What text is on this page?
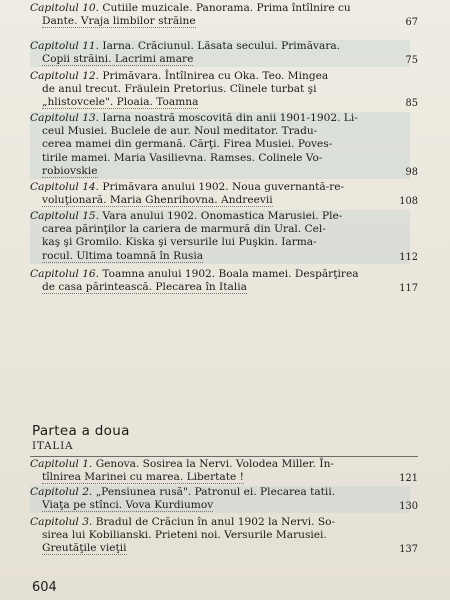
Capitolul 10. Cutiile muzicale. Panorama. Prima întîlnire cu
Dante. Vraja limbilor străine	67
Capitolul 11. Iarna. Crăciunul. Lăsata secului. Primăvara.
Copii străini. Lacrimi amare	75
Capitolul 12. Primăvara. Întîlnirea cu Oka. Teo. Mingea
de anul trecut. Fräulein Pretorius. Cîinele turbat şi
„hlistovcele". Ploaia. Toamna	85
Capitolul 13. Iarna noastră moscovită din anii 1901-1902. Li-
ceul Musiei. Buclele de aur. Noul meditator. Tradu-
cerea mamei din germană. Cărţi. Firea Musiei. Poves-
tirile mamei. Maria Vasilievna. Ramses. Colinele Vo-
robiovskie	98
Capitolul 14. Primăvara anului 1902. Noua guvernantă-re-
voluţionară. Maria Ghenrihovna. Andreevii	108
Capitolul 15. Vara anului 1902. Onomastica Marusiei. Ple-
carea părinţilor la cariera de marmură din Ural. Cel-
kaş şi Gromilo. Kiska şi versurile lui Puşkin. Iarma-
rocul. Ultima toamnă în Rusia	112
Capitolul 16. Toamna anului 1902. Boala mamei. Despărţirea
de casa părintească. Plecarea în Italia	117
Partea a doua
ITALIA
Capitolul 1. Genova. Sosirea la Nervi. Volodea Miller. În-
tîlnirea Marinei cu marea. Libertate !	121
Capitolul 2. „Pensiunea rusă". Patronul ei. Plecarea tatii.
Viaţa pe stînci. Vova Kurdiumov	130
Capitolul 3. Bradul de Crăciun în anul 1902 la Nervi. So-
sirea lui Kobilianski. Prieteni noi. Versurile Marusiei.
Greutăţile vieţii	137
604
